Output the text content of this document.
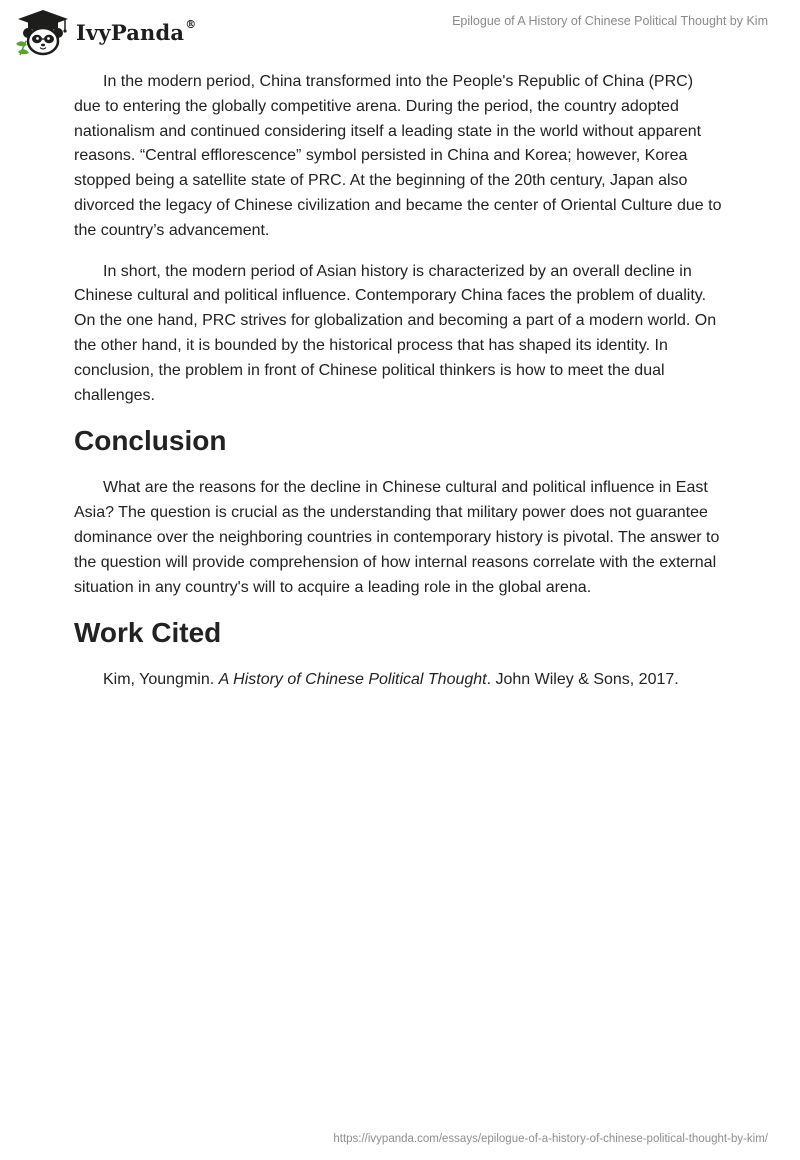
IvyPanda ®	Epilogue of A History of Chinese Political Thought by Kim

In the modern period, China transformed into the People's Republic of China (PRC) due to entering the globally competitive arena. During the period, the country adopted nationalism and continued considering itself a leading state in the world without apparent reasons. “Central efflorescence” symbol persisted in China and Korea; however, Korea stopped being a satellite state of PRC. At the beginning of the 20th century, Japan also divorced the legacy of Chinese civilization and became the center of Oriental Culture due to the country’s advancement.

In short, the modern period of Asian history is characterized by an overall decline in Chinese cultural and political influence. Contemporary China faces the problem of duality. On the one hand, PRC strives for globalization and becoming a part of a modern world. On the other hand, it is bounded by the historical process that has shaped its identity. In conclusion, the problem in front of Chinese political thinkers is how to meet the dual challenges.

Conclusion

What are the reasons for the decline in Chinese cultural and political influence in East Asia? The question is crucial as the understanding that military power does not guarantee dominance over the neighboring countries in contemporary history is pivotal. The answer to the question will provide comprehension of how internal reasons correlate with the external situation in any country's will to acquire a leading role in the global arena.

Work Cited

Kim, Youngmin. A History of Chinese Political Thought. John Wiley & Sons, 2017.

https://ivypanda.com/essays/epilogue-of-a-history-of-chinese-political-thought-by-kim/
